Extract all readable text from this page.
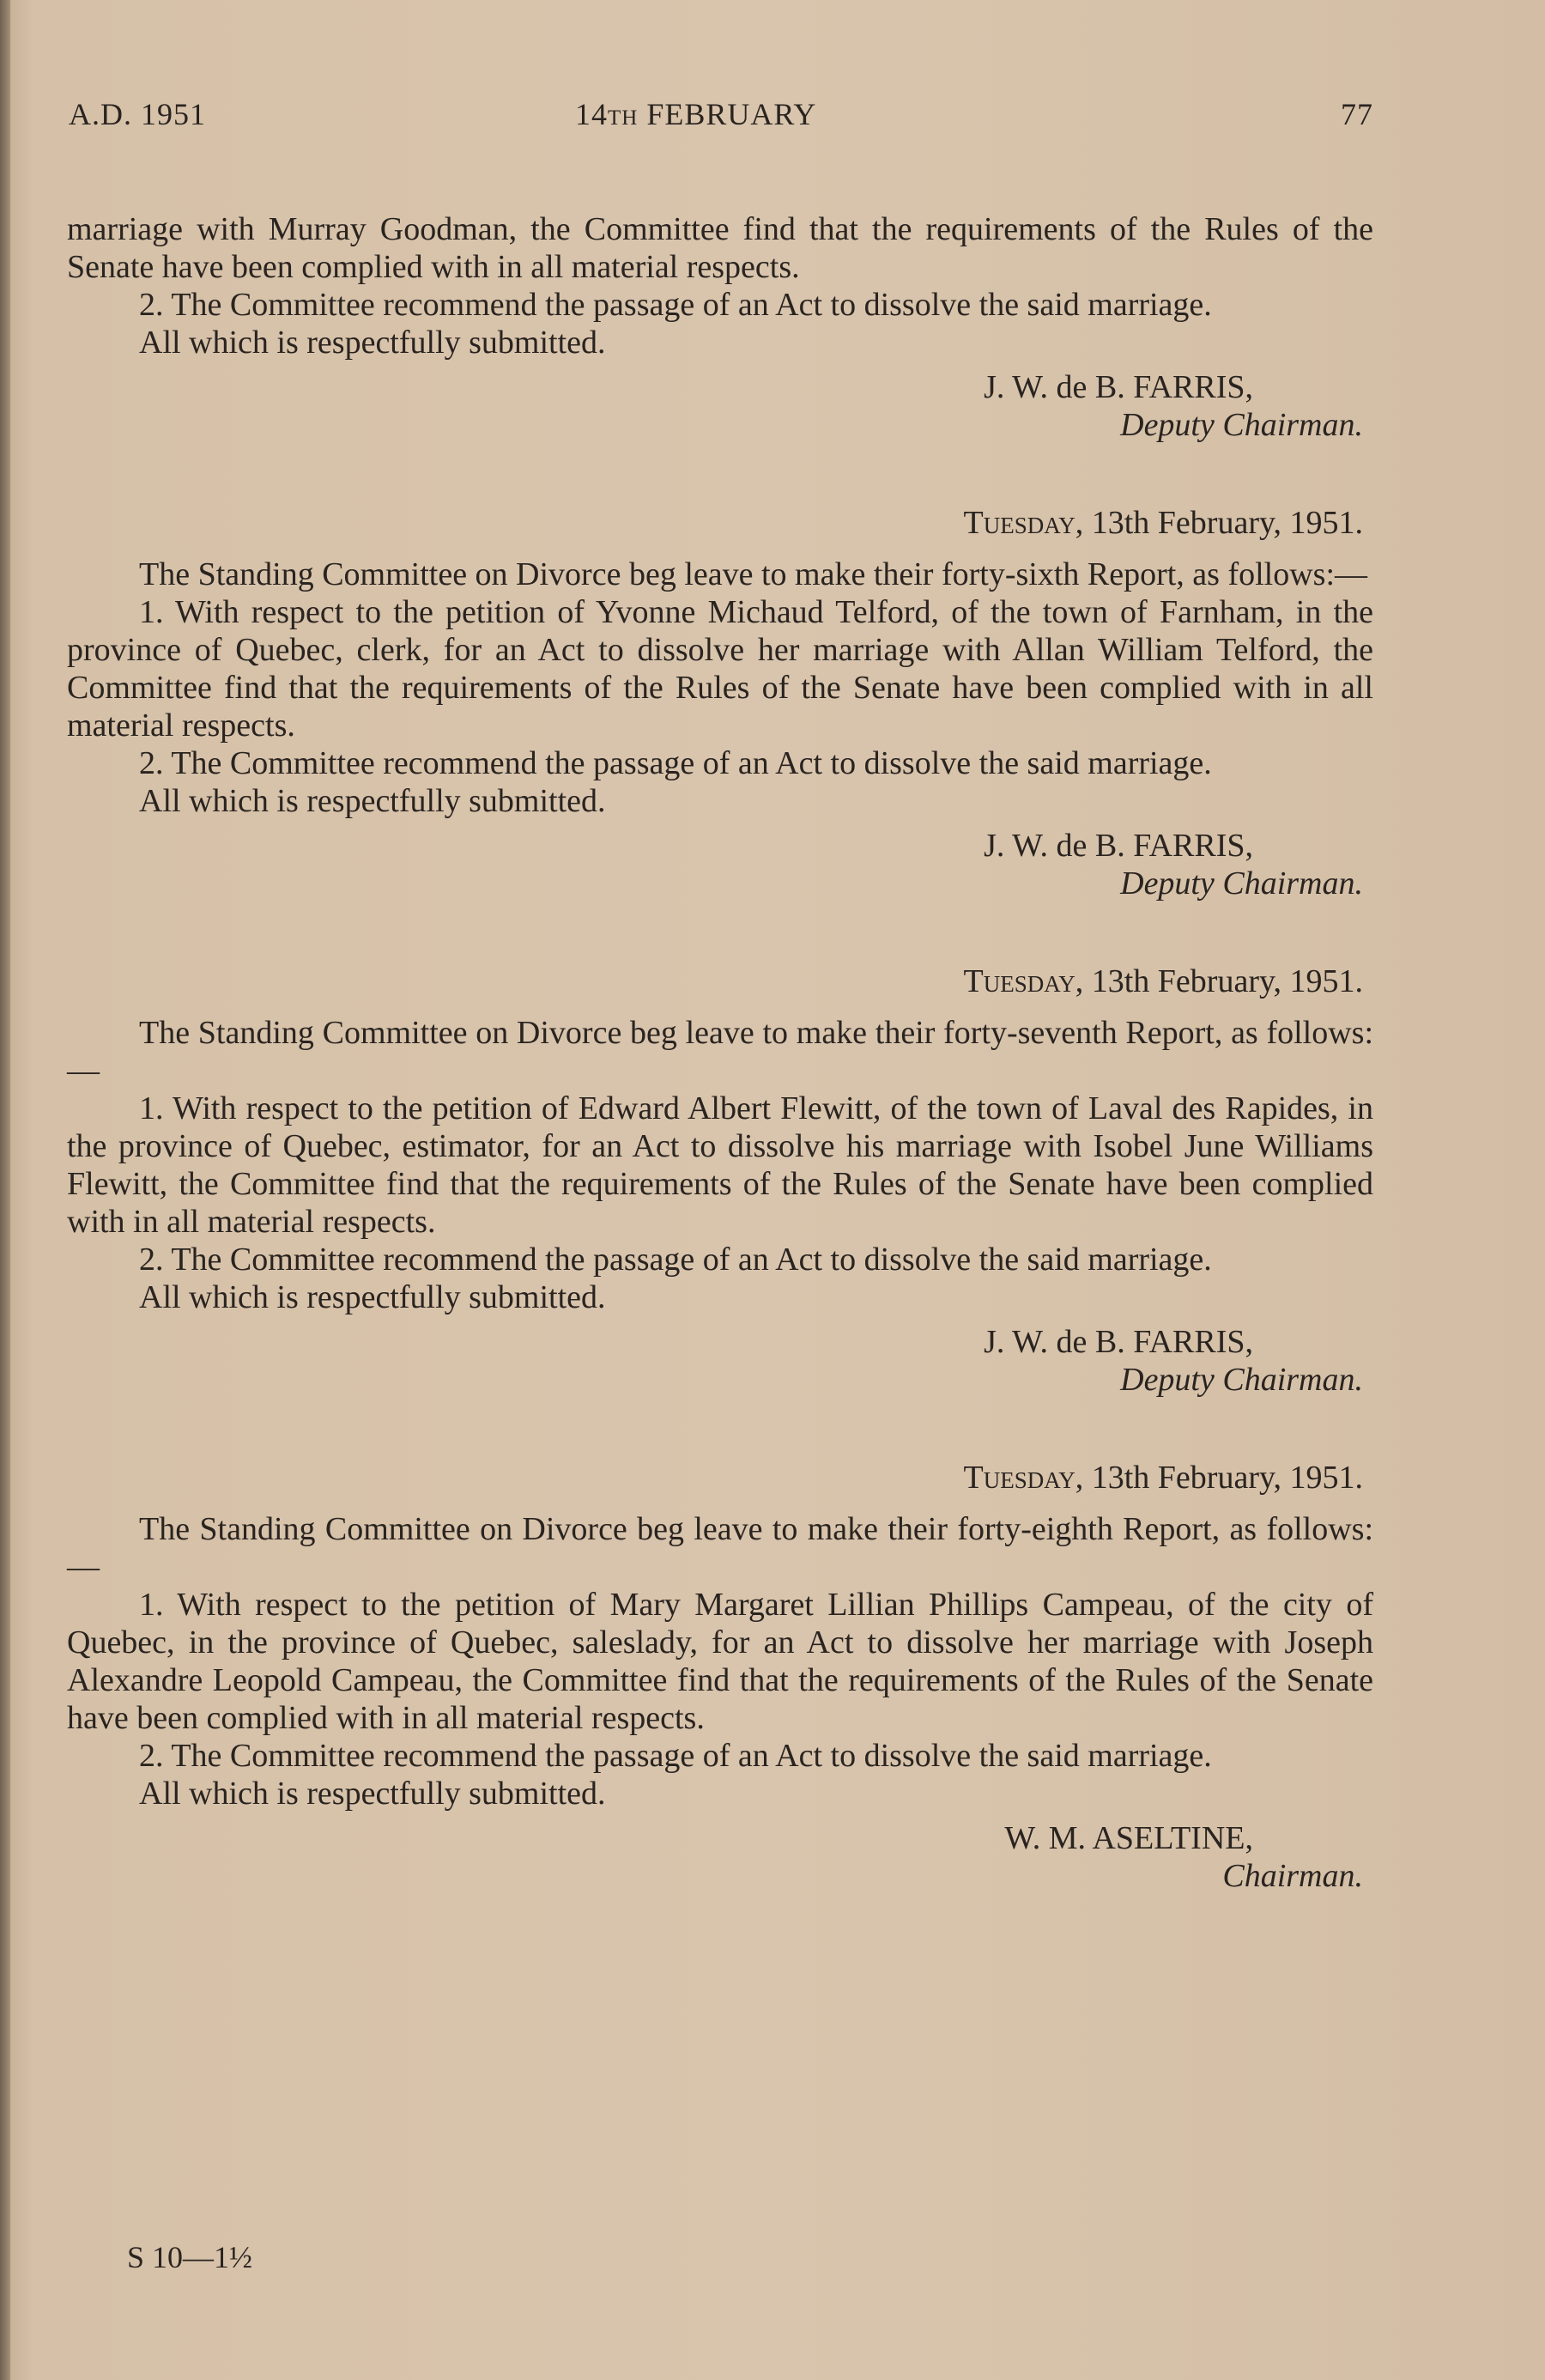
A.D. 1951	14th FEBRUARY	77

marriage with Murray Goodman, the Committee find that the requirements of the Rules of the Senate have been complied with in all material respects.

2. The Committee recommend the passage of an Act to dissolve the said marriage.

All which is respectfully submitted.

J. W. de B. FARRIS,
Deputy Chairman.
Tuesday, 13th February, 1951.

The Standing Committee on Divorce beg leave to make their forty-sixth Report, as follows:—

1. With respect to the petition of Yvonne Michaud Telford, of the town of Farnham, in the province of Quebec, clerk, for an Act to dissolve her marriage with Allan William Telford, the Committee find that the requirements of the Rules of the Senate have been complied with in all material respects.

2. The Committee recommend the passage of an Act to dissolve the said marriage.

All which is respectfully submitted.

J. W. de B. FARRIS,
Deputy Chairman.
Tuesday, 13th February, 1951.

The Standing Committee on Divorce beg leave to make their forty-seventh Report, as follows:—

1. With respect to the petition of Edward Albert Flewitt, of the town of Laval des Rapides, in the province of Quebec, estimator, for an Act to dissolve his marriage with Isobel June Williams Flewitt, the Committee find that the requirements of the Rules of the Senate have been complied with in all material respects.

2. The Committee recommend the passage of an Act to dissolve the said marriage.

All which is respectfully submitted.

J. W. de B. FARRIS,
Deputy Chairman.
Tuesday, 13th February, 1951.

The Standing Committee on Divorce beg leave to make their forty-eighth Report, as follows:—

1. With respect to the petition of Mary Margaret Lillian Phillips Campeau, of the city of Quebec, in the province of Quebec, saleslady, for an Act to dissolve her marriage with Joseph Alexandre Leopold Campeau, the Committee find that the requirements of the Rules of the Senate have been complied with in all material respects.

2. The Committee recommend the passage of an Act to dissolve the said marriage.

All which is respectfully submitted.

W. M. ASELTINE,
Chairman.
S 10—1½
